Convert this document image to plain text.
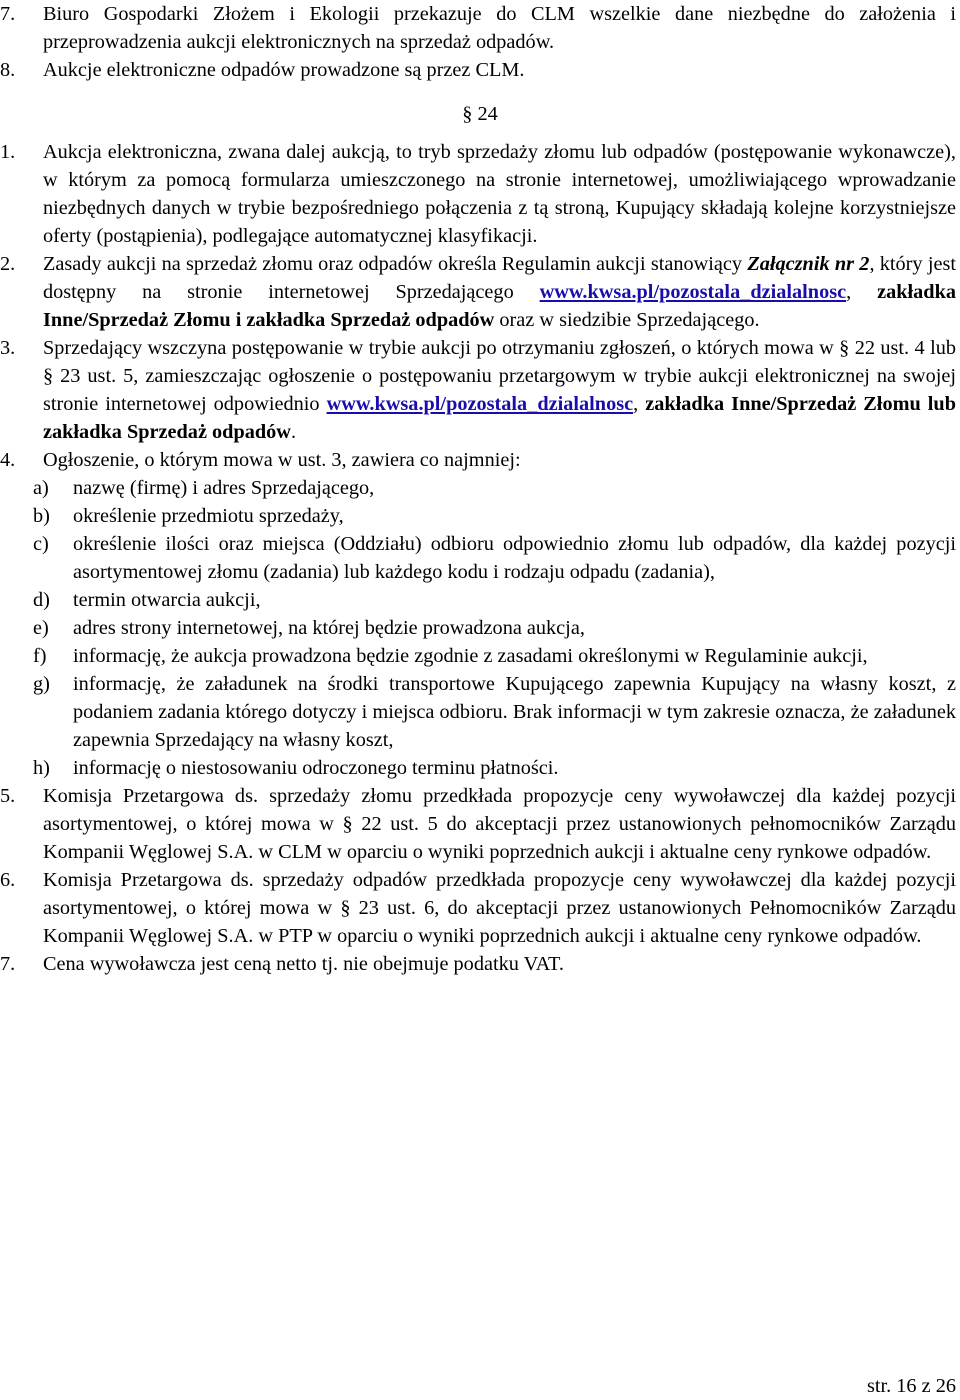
7. Biuro Gospodarki Złożem i Ekologii przekazuje do CLM wszelkie dane niezbędne do założenia i przeprowadzenia aukcji elektronicznych na sprzedaż odpadów.
8. Aukcje elektroniczne odpadów prowadzone są przez CLM.
§ 24
1. Aukcja elektroniczna, zwana dalej aukcją, to tryb sprzedaży złomu lub odpadów (postępowanie wykonawcze), w którym za pomocą formularza umieszczonego na stronie internetowej, umożliwiającego wprowadzanie niezbędnych danych w trybie bezpośredniego połączenia z tą stroną, Kupujący składają kolejne korzystniejsze oferty (postąpienia), podlegające automatycznej klasyfikacji.
2. Zasady aukcji na sprzedaż złomu oraz odpadów określa Regulamin aukcji stanowiący Załącznik nr 2, który jest dostępny na stronie internetowej Sprzedającego www.kwsa.pl/pozostala_dzialalnosc, zakładka Inne/Sprzedaż Złomu i zakładka Sprzedaż odpadów oraz w siedzibie Sprzedającego.
3. Sprzedający wszczyna postępowanie w trybie aukcji po otrzymaniu zgłoszeń, o których mowa w § 22 ust. 4 lub § 23 ust. 5, zamieszczając ogłoszenie o postępowaniu przetargowym w trybie aukcji elektronicznej na swojej stronie internetowej odpowiednio www.kwsa.pl/pozostala_dzialalnosc, zakładka Inne/Sprzedaż Złomu lub zakładka Sprzedaż odpadów.
4. Ogłoszenie, o którym mowa w ust. 3, zawiera co najmniej:
a) nazwę (firmę) i adres Sprzedającego,
b) określenie przedmiotu sprzedaży,
c) określenie ilości oraz miejsca (Oddziału) odbioru odpowiednio złomu lub odpadów, dla każdej pozycji asortymentowej złomu (zadania) lub każdego kodu i rodzaju odpadu (zadania),
d) termin otwarcia aukcji,
e) adres strony internetowej, na której będzie prowadzona aukcja,
f) informację, że aukcja prowadzona będzie zgodnie z zasadami określonymi w Regulaminie aukcji,
g) informację, że załadunek na środki transportowe Kupującego zapewnia Kupujący na własny koszt, z podaniem zadania którego dotyczy i miejsca odbioru. Brak informacji w tym zakresie oznacza, że załadunek zapewnia Sprzedający na własny koszt,
h) informację o niestosowaniu odroczonego terminu płatności.
5. Komisja Przetargowa ds. sprzedaży złomu przedkłada propozycje ceny wywoławczej dla każdej pozycji asortymentowej, o której mowa w § 22 ust. 5 do akceptacji przez ustanowionych pełnomocników Zarządu Kompanii Węglowej S.A. w CLM w oparciu o wyniki poprzednich aukcji i aktualne ceny rynkowe odpadów.
6. Komisja Przetargowa ds. sprzedaży odpadów przedkłada propozycje ceny wywoławczej dla każdej pozycji asortymentowej, o której mowa w § 23 ust. 6, do akceptacji przez ustanowionych Pełnomocników Zarządu Kompanii Węglowej S.A. w PTP w oparciu o wyniki poprzednich aukcji i aktualne ceny rynkowe odpadów.
7. Cena wywoławcza jest ceną netto tj. nie obejmuje podatku VAT.
str. 16 z 26
